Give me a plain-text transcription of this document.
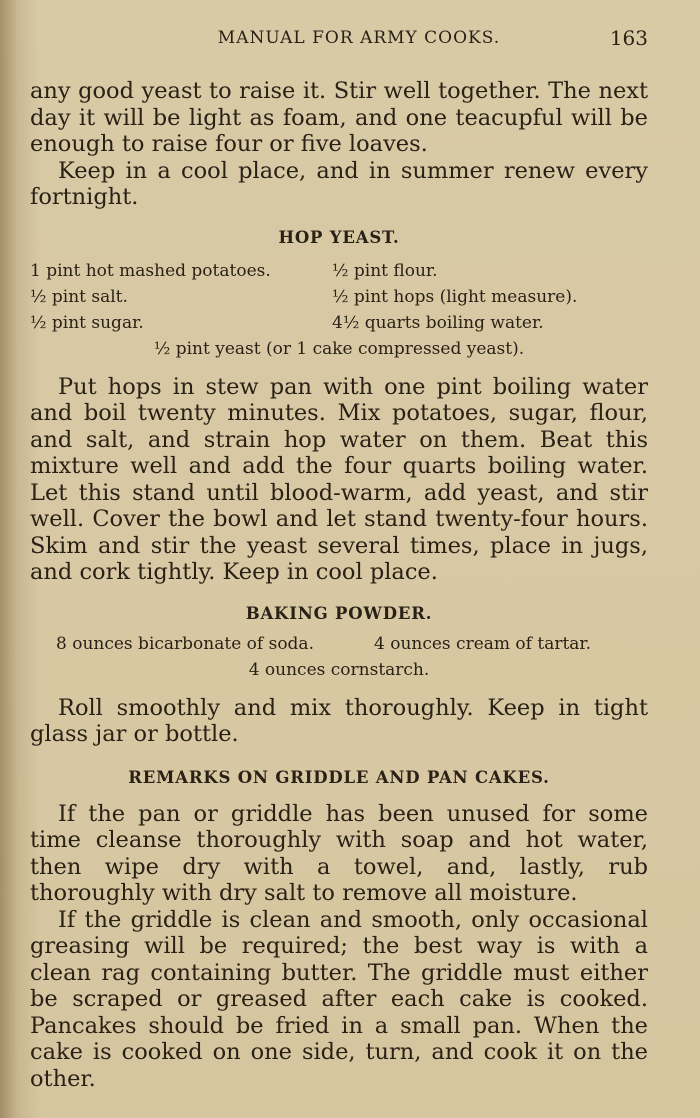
MANUAL FOR ARMY COOKS.	163

any good yeast to raise it. Stir well together. The next day it will be light as foam, and one teacupful will be enough to raise four or five loaves.

Keep in a cool place, and in summer renew every fortnight.

HOP YEAST.
1 pint hot mashed potatoes.	½ pint flour.
½ pint salt.	½ pint hops (light measure).
½ pint sugar.	4½ quarts boiling water.
½ pint yeast (or 1 cake compressed yeast).

Put hops in stew pan with one pint boiling water and boil twenty minutes. Mix potatoes, sugar, flour, and salt, and strain hop water on them. Beat this mixture well and add the four quarts boiling water. Let this stand until blood-warm, add yeast, and stir well. Cover the bowl and let stand twenty-four hours. Skim and stir the yeast several times, place in jugs, and cork tightly. Keep in cool place.

BAKING POWDER.
8 ounces bicarbonate of soda.	4 ounces cream of tartar.
4 ounces cornstarch.

Roll smoothly and mix thoroughly. Keep in tight glass jar or bottle.

REMARKS ON GRIDDLE AND PAN CAKES.

If the pan or griddle has been unused for some time cleanse thoroughly with soap and hot water, then wipe dry with a towel, and, lastly, rub thoroughly with dry salt to remove all moisture.

If the griddle is clean and smooth, only occasional greasing will be required; the best way is with a clean rag containing butter. The griddle must either be scraped or greased after each cake is cooked. Pancakes should be fried in a small pan. When the cake is cooked on one side, turn, and cook it on the other.
